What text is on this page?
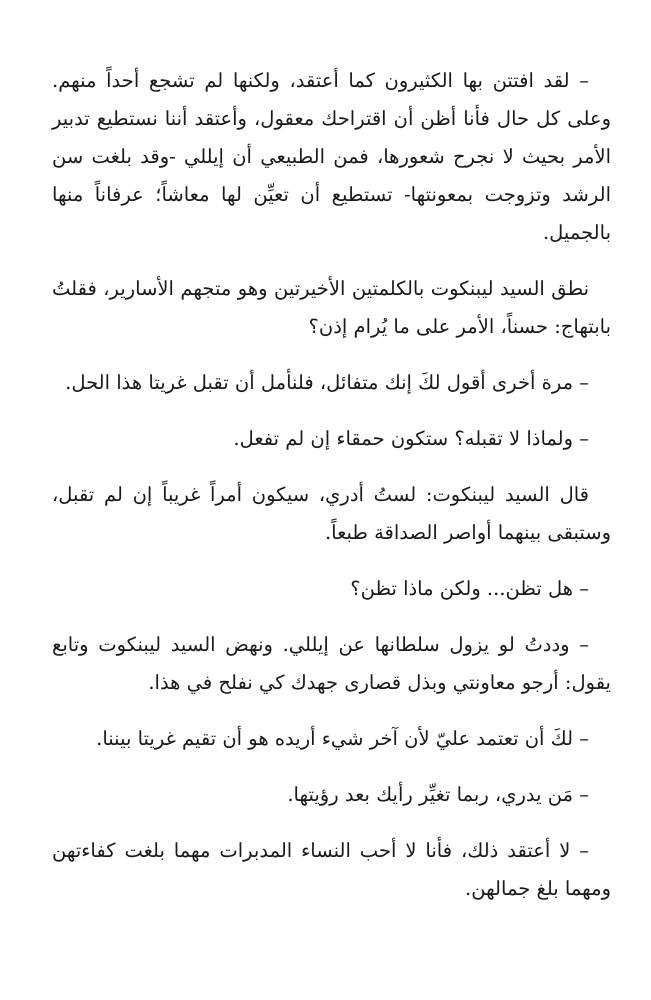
– لقد افتتن بها الكثيرون كما أعتقد، ولكنها لم تشجع أحداً منهم. وعلى كل حال فأنا أظن أن اقتراحك معقول، وأعتقد أننا نستطيع تدبير الأمر بحيث لا نجرح شعورها، فمن الطبيعي أن إيللي -وقد بلغت سن الرشد وتزوجت بمعونتها- تستطيع أن تعيِّن لها معاشاً؛ عرفاناً منها بالجميل.

نطق السيد ليبنكوت بالكلمتين الأخيرتين وهو متجهم الأسارير، فقلتُ بابتهاج: حسناً، الأمر على ما يُرام إذن؟

– مرة أخرى أقول لكَ إنك متفائل، فلنأمل أن تقبل غريتا هذا الحل.

– ولماذا لا تقبله؟ ستكون حمقاء إن لم تفعل.

قال السيد ليبنكوت: لستُ أدري، سيكون أمراً غريباً إن لم تقبل، وستبقى بينهما أواصر الصداقة طبعاً.

– هل تظن... ولكن ماذا تظن؟

– وددتُ لو يزول سلطانها عن إيللي. ونهض السيد ليبنكوت وتابع يقول: أرجو معاونتي وبذل قصارى جهدك كي نفلح في هذا.

– لكَ أن تعتمد عليّ لأن آخر شيء أريده هو أن تقيم غريتا بيننا.

– مَن يدري، ربما تغيِّر رأيك بعد رؤيتها.

– لا أعتقد ذلك، فأنا لا أحب النساء المدبرات مهما بلغت كفاءتهن ومهما بلغ جمالهن.
